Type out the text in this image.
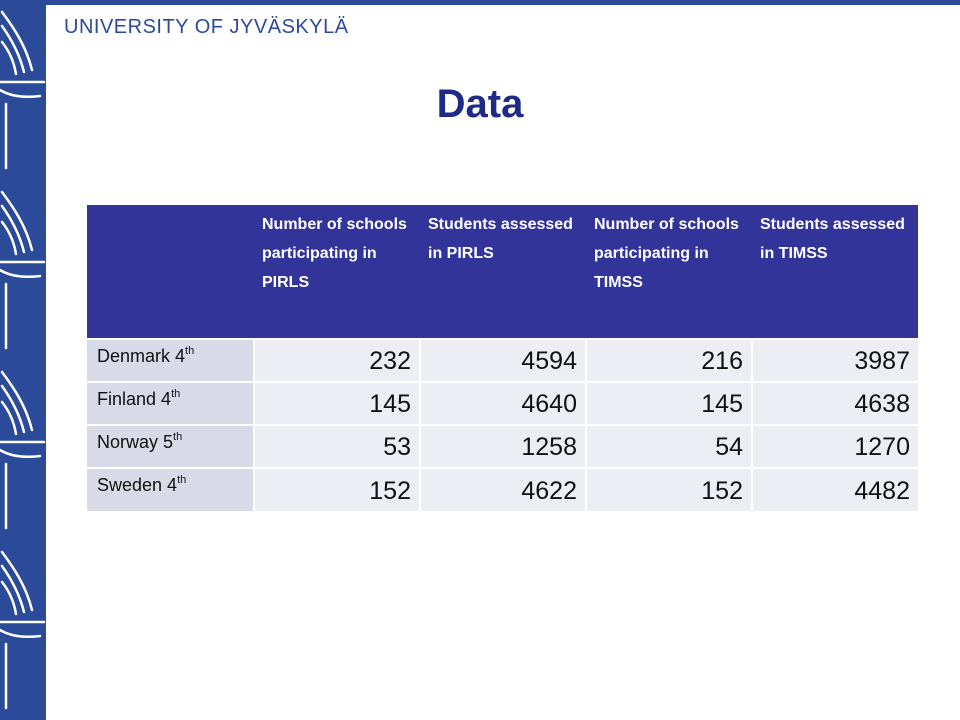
UNIVERSITY OF JYVÄSKYLÄ
Data
	Number of schools participating in PIRLS	Students assessed in PIRLS	Number of schools participating in TIMSS	Students assessed in TIMSS
Denmark 4th	232	4594	216	3987
Finland 4th	145	4640	145	4638
Norway 5th	53	1258	54	1270
Sweden 4th	152	4622	152	4482
